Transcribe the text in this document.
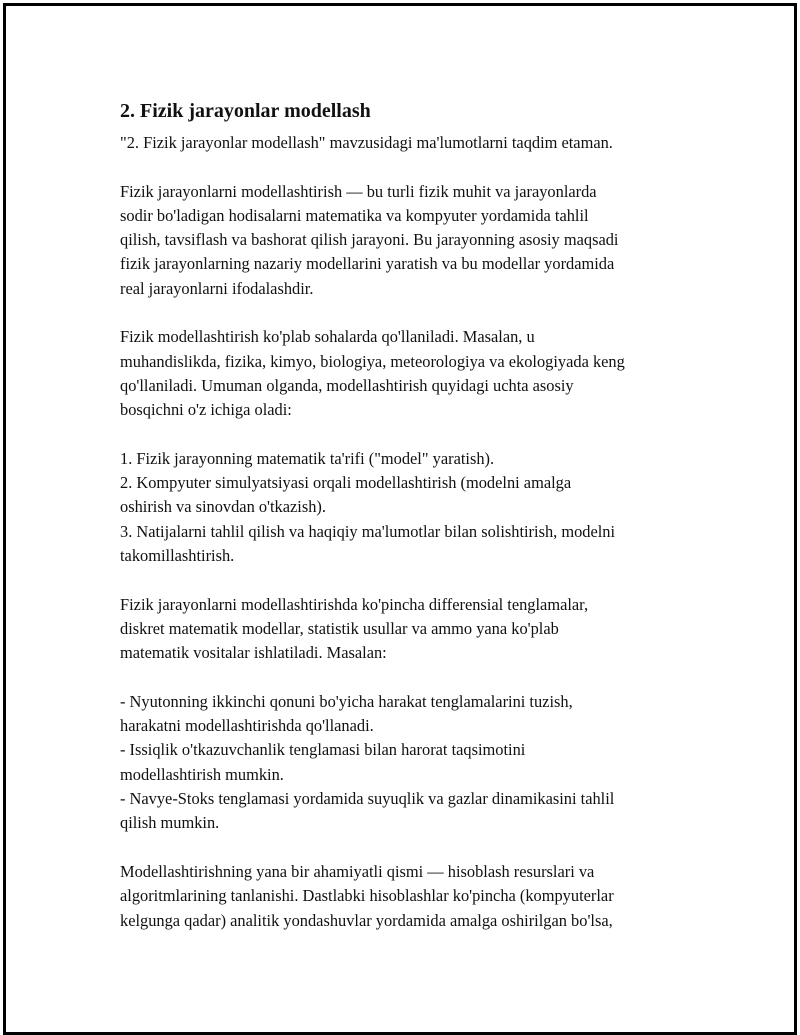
2. Fizik jarayonlar modellash
"2. Fizik jarayonlar modellash" mavzusidagi ma'lumotlarni taqdim etaman.
Fizik jarayonlarni modellashtirish — bu turli fizik muhit va jarayonlarda
sodir bo'ladigan hodisalarni matematika va kompyuter yordamida tahlil
qilish, tavsiflash va bashorat qilish jarayoni. Bu jarayonning asosiy maqsadi
fizik jarayonlarning nazariy modellarini yaratish va bu modellar yordamida
real jarayonlarni ifodalashdir.
Fizik modellashtirish ko'plab sohalarda qo'llaniladi. Masalan, u
muhandislikda, fizika, kimyo, biologiya, meteorologiya va ekologiyada keng
qo'llaniladi. Umuman olganda, modellashtirish quyidagi uchta asosiy
bosqichni o'z ichiga oladi:
1. Fizik jarayonning matematik ta'rifi ("model" yaratish).
2. Kompyuter simulyatsiyasi orqali modellashtirish (modelni amalga
oshirish va sinovdan o'tkazish).
3. Natijalarni tahlil qilish va haqiqiy ma'lumotlar bilan solishtirish, modelni
takomillashtirish.
Fizik jarayonlarni modellashtirishda ko'pincha differensial tenglamalar,
diskret matematik modellar, statistik usullar va ammo yana ko'plab
matematik vositalar ishlatiladi. Masalan:
- Nyutonning ikkinchi qonuni bo'yicha harakat tenglamalarini tuzish,
harakatni modellashtirishda qo'llanadi.
- Issiqlik o'tkazuvchanlik tenglamasi bilan harorat taqsimotini
modellashtirish mumkin.
- Navye-Stoks tenglamasi yordamida suyuqlik va gazlar dinamikasini tahlil
qilish mumkin.
Modellashtirishning yana bir ahamiyatli qismi — hisoblash resurslari va
algoritmlarining tanlanishi. Dastlabki hisoblashlar ko'pincha (kompyuterlar
kelgunga qadar) analitik yondashuvlar yordamida amalga oshirilgan bo'lsa,
